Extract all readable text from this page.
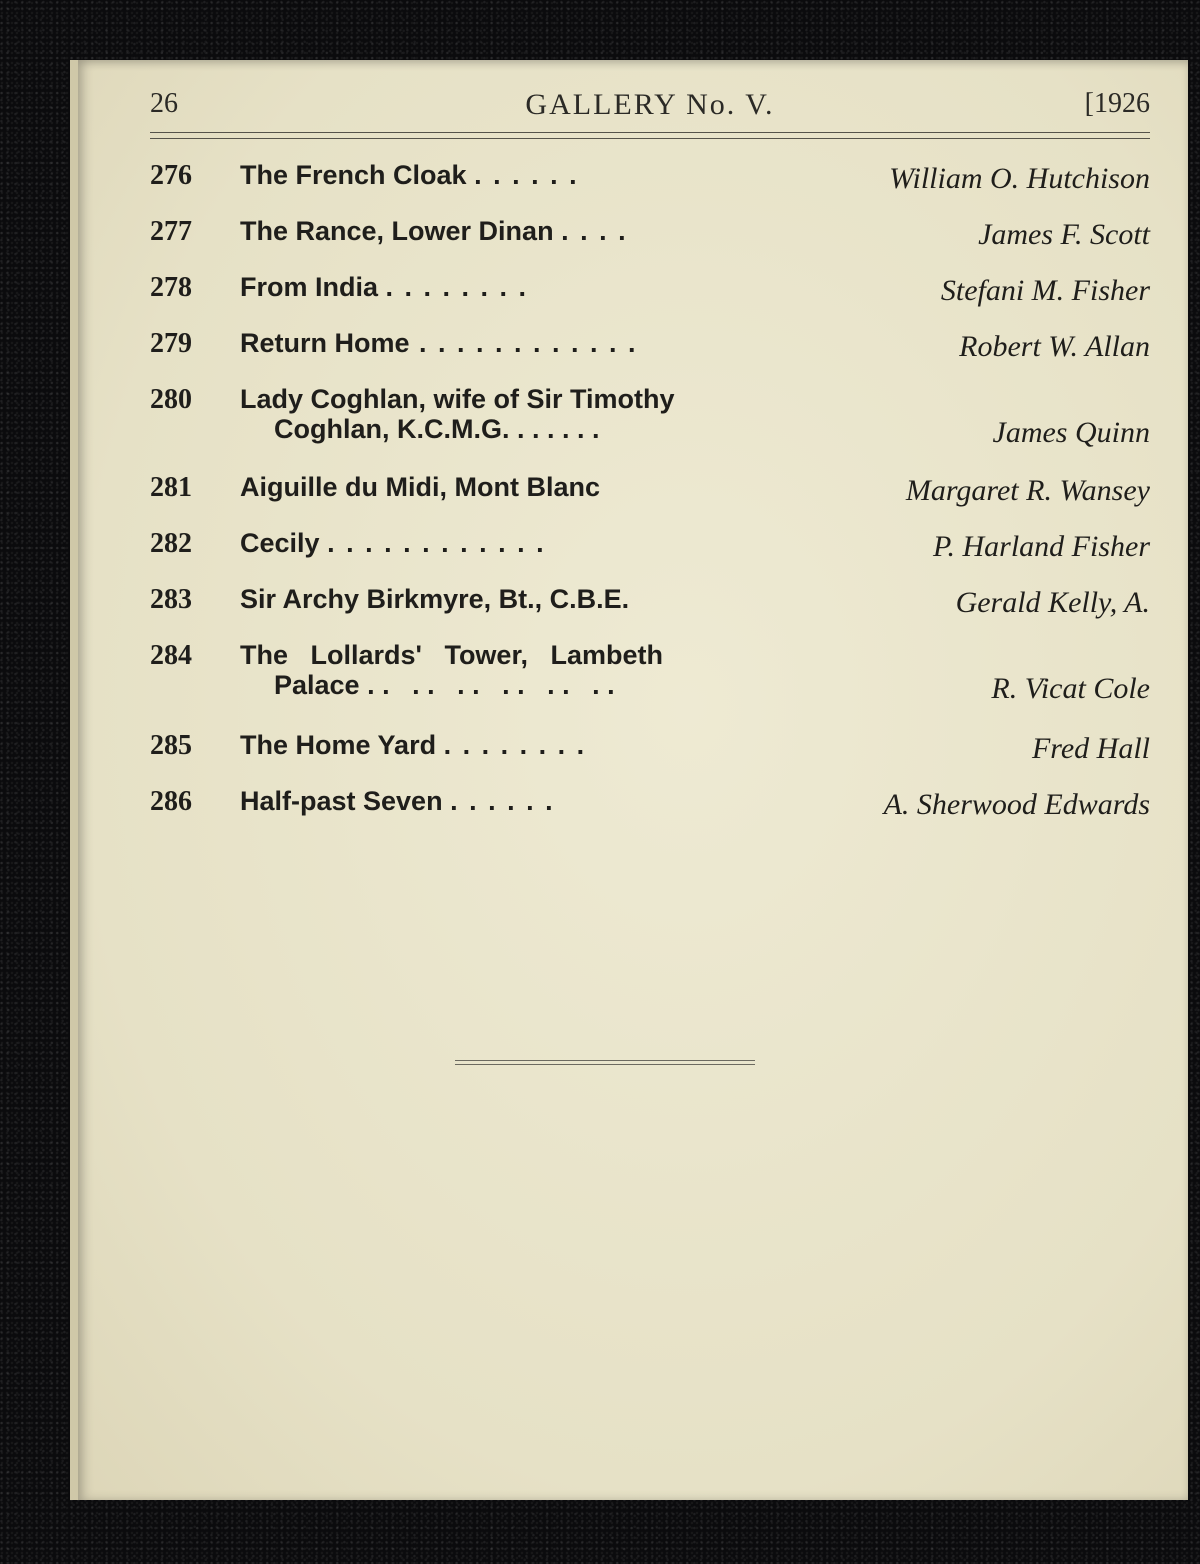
26	GALLERY No. V.	[1926
276 The French Cloak . . . . . .	William O. Hutchison
277 The Rance, Lower Dinan . . . .	James F. Scott
278 From India . . . . . . . .	Stefani M. Fisher
279 Return Home . . . . . . . . . . . .	Robert W. Allan
280 Lady Coghlan, wife of Sir Timothy
Coghlan, K.C.M.G. . . . . . .	James Quinn
281 Aiguille du Midi, Mont Blanc	Margaret R. Wansey
282 Cecily . . . . . . . . . . . .	P. Harland Fisher
283 Sir Archy Birkmyre, Bt., C.B.E.	Gerald Kelly, A.
284 The   Lollards'   Tower,   Lambeth
Palace . .   . .   . .   . .   . .   . .	R. Vicat Cole
285 The Home Yard . . . . . . . .	Fred Hall
286 Half-past Seven . . . . . .	A. Sherwood Edwards
